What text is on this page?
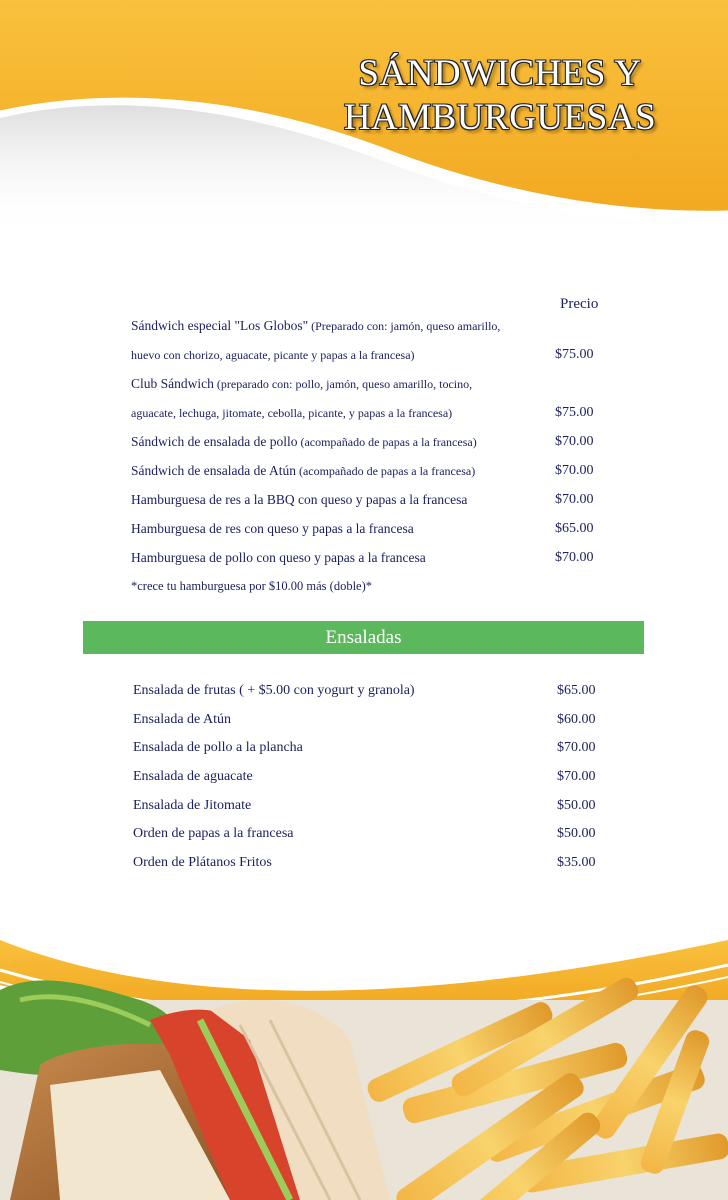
SÁNDWICHES Y
HAMBURGUESAS
Precio
Sándwich especial "Los Globos" (Preparado con: jamón, queso amarillo,
huevo con chorizo, aguacate, picante y papas a la francesa)	$75.00
Club Sándwich (preparado con: pollo, jamón, queso amarillo, tocino,
aguacate, lechuga, jitomate, cebolla, picante, y papas a la francesa)	$75.00
Sándwich de ensalada de pollo (acompañado de papas a la francesa)	$70.00
Sándwich de ensalada de Atún (acompañado de papas a la francesa)	$70.00
Hamburguesa de res a la BBQ con queso y papas a la francesa	$70.00
Hamburguesa de res con queso y papas a la francesa	$65.00
Hamburguesa de pollo con queso y papas a la francesa	$70.00
*crece tu hamburguesa por $10.00 más (doble)*
Ensaladas
Ensalada de frutas ( + $5.00 con yogurt y granola)	$65.00
Ensalada de Atún	$60.00
Ensalada de pollo a la plancha	$70.00
Ensalada de aguacate	$70.00
Ensalada de Jitomate	$50.00
Orden de papas a la francesa	$50.00
Orden de Plátanos Fritos	$35.00
